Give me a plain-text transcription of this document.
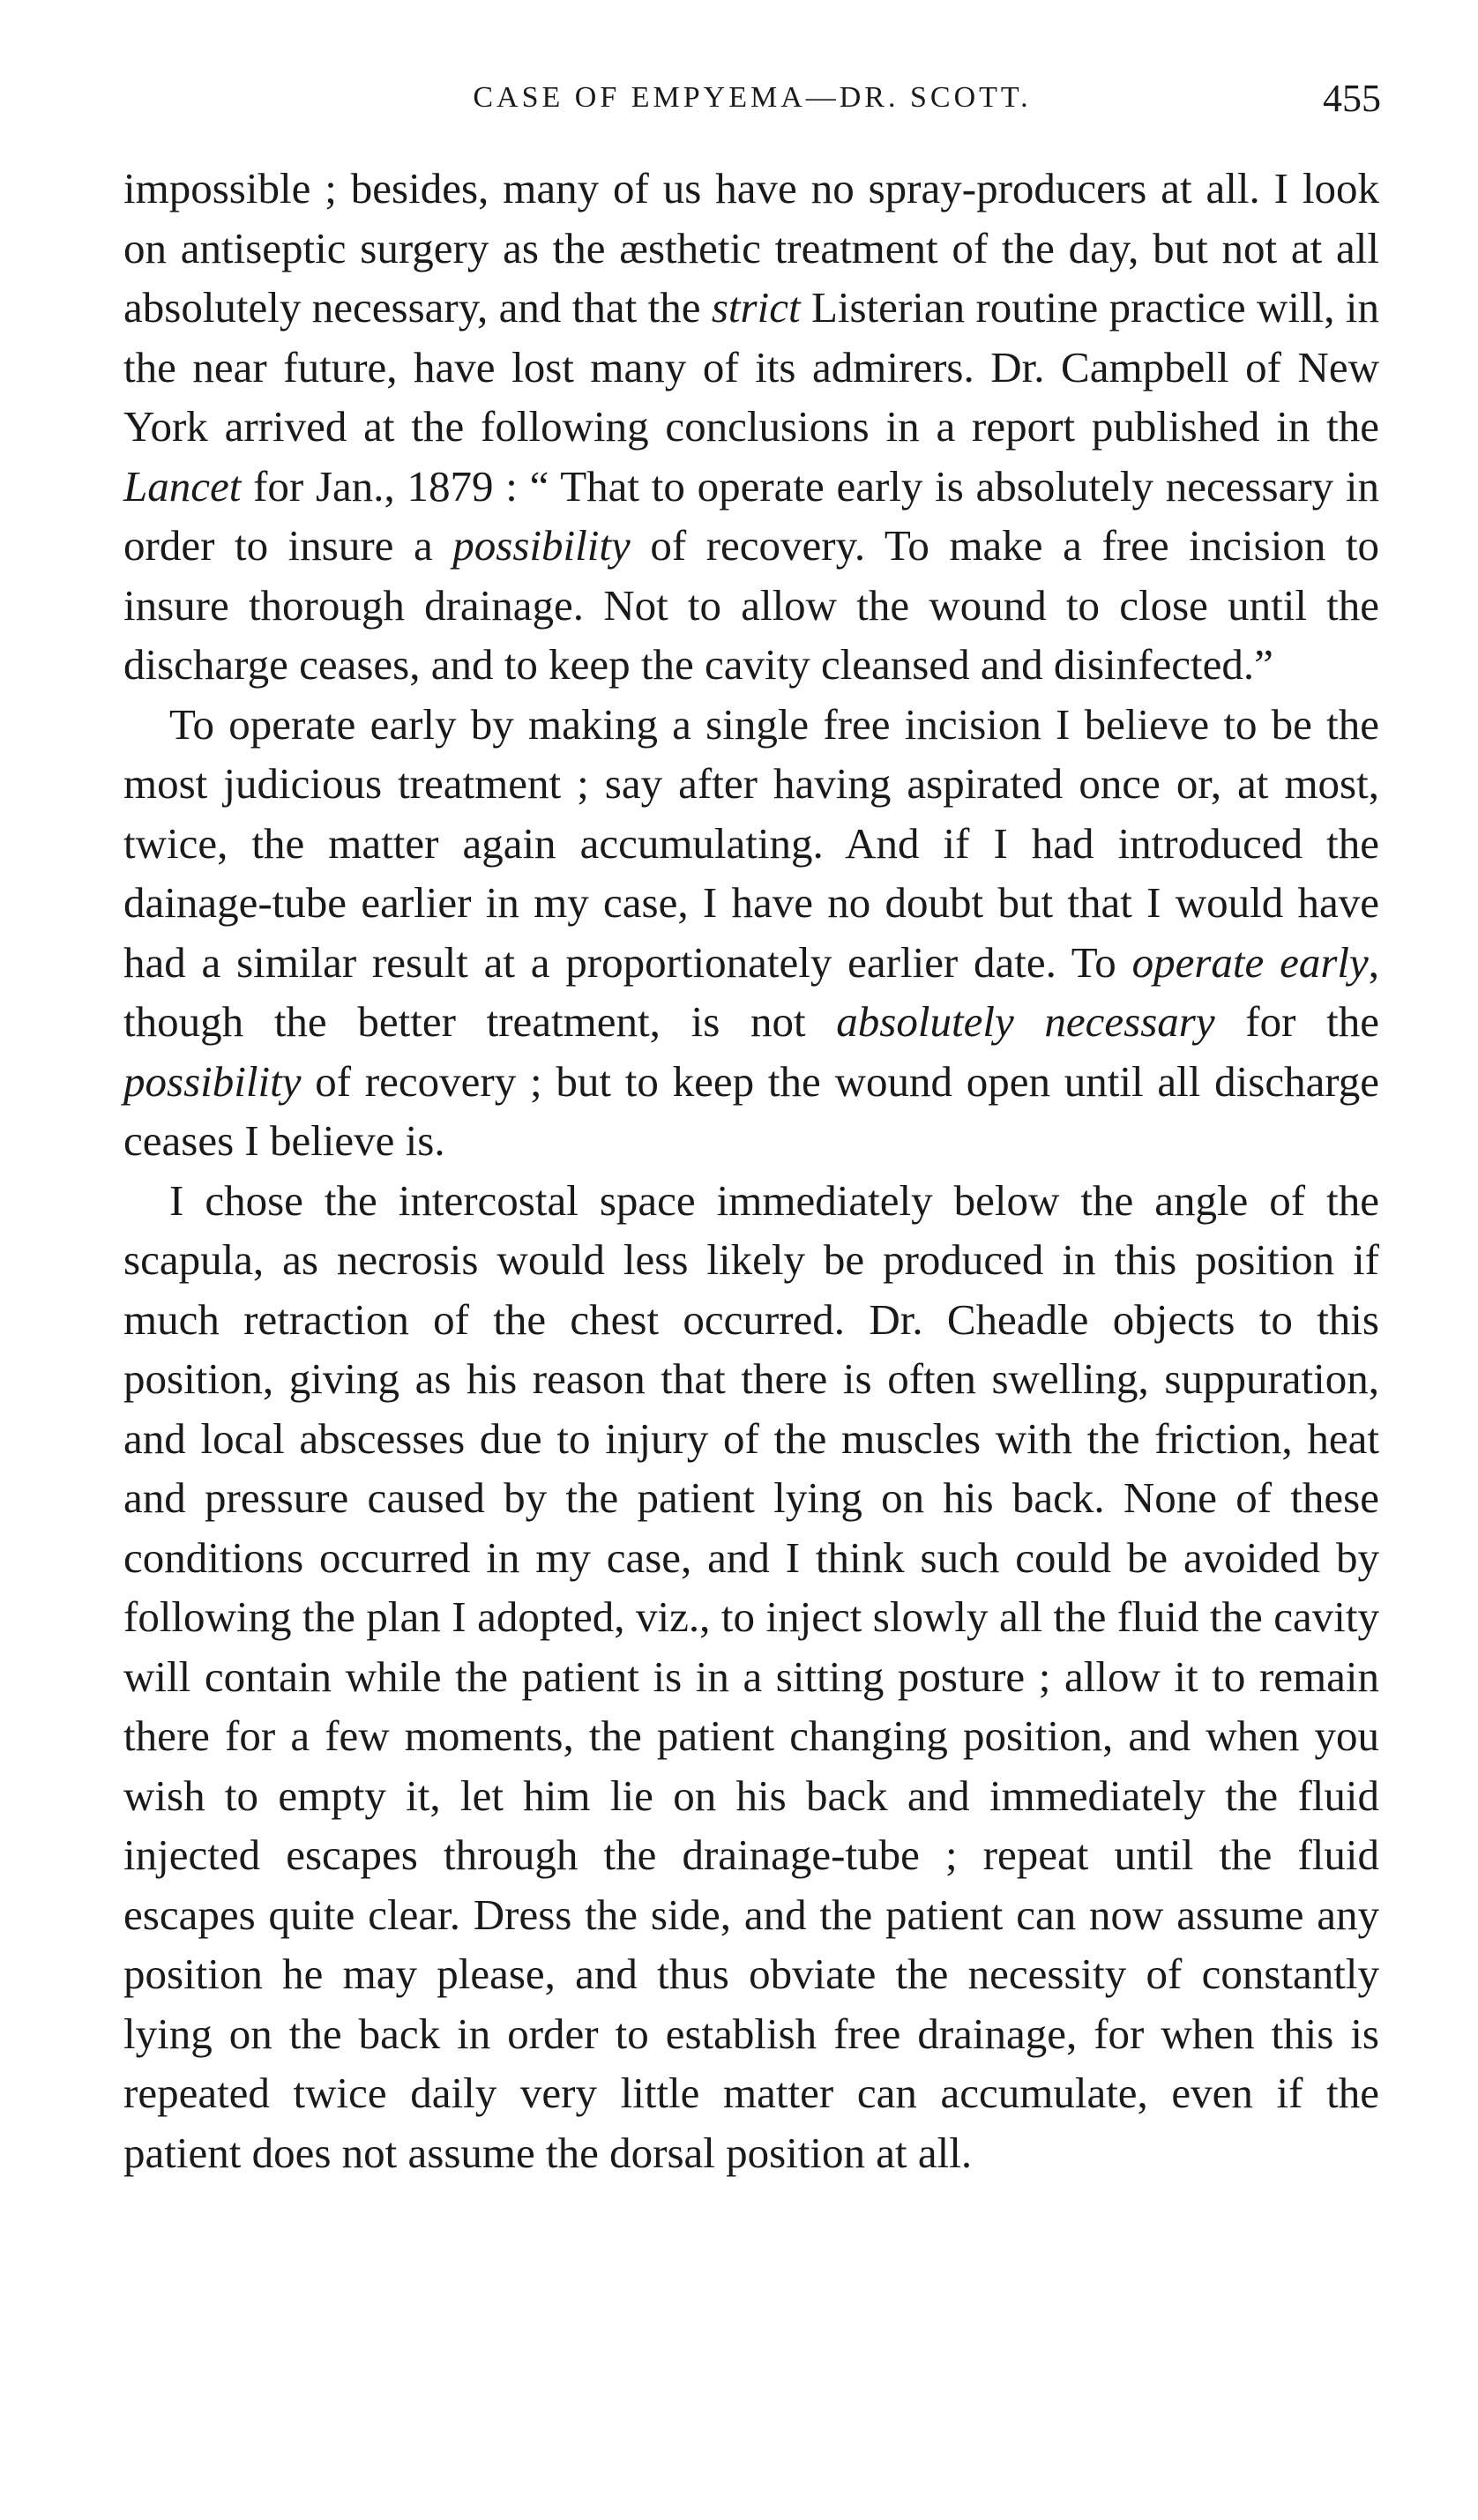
CASE OF EMPYEMA—DR. SCOTT.	455

impossible ; besides, many of us have no spray-producers at all. I look on antiseptic surgery as the æsthetic treatment of the day, but not at all absolutely necessary, and that the strict Listerian routine practice will, in the near future, have lost many of its admirers. Dr. Campbell of New York arrived at the following conclusions in a report published in the Lancet for Jan., 1879 : “ That to operate early is absolutely necessary in order to insure a possibility of recovery. To make a free incision to insure thorough drainage. Not to allow the wound to close until the discharge ceases, and to keep the cavity cleansed and disinfected.”

To operate early by making a single free incision I believe to be the most judicious treatment ; say after having aspirated once or, at most, twice, the matter again accumulating. And if I had introduced the dainage-tube earlier in my case, I have no doubt but that I would have had a similar result at a proportionately earlier date. To operate early, though the better treatment, is not absolutely necessary for the possibility of recovery ; but to keep the wound open until all discharge ceases I believe is.

I chose the intercostal space immediately below the angle of the scapula, as necrosis would less likely be produced in this position if much retraction of the chest occurred. Dr. Cheadle objects to this position, giving as his reason that there is often swelling, suppuration, and local abscesses due to injury of the muscles with the friction, heat and pressure caused by the patient lying on his back. None of these conditions occurred in my case, and I think such could be avoided by following the plan I adopted, viz., to inject slowly all the fluid the cavity will contain while the patient is in a sitting posture ; allow it to remain there for a few moments, the patient changing position, and when you wish to empty it, let him lie on his back and immediately the fluid injected escapes through the drainage-tube ; repeat until the fluid escapes quite clear. Dress the side, and the patient can now assume any position he may please, and thus obviate the necessity of constantly lying on the back in order to establish free drainage, for when this is repeated twice daily very little matter can accumulate, even if the patient does not assume the dorsal position at all.
